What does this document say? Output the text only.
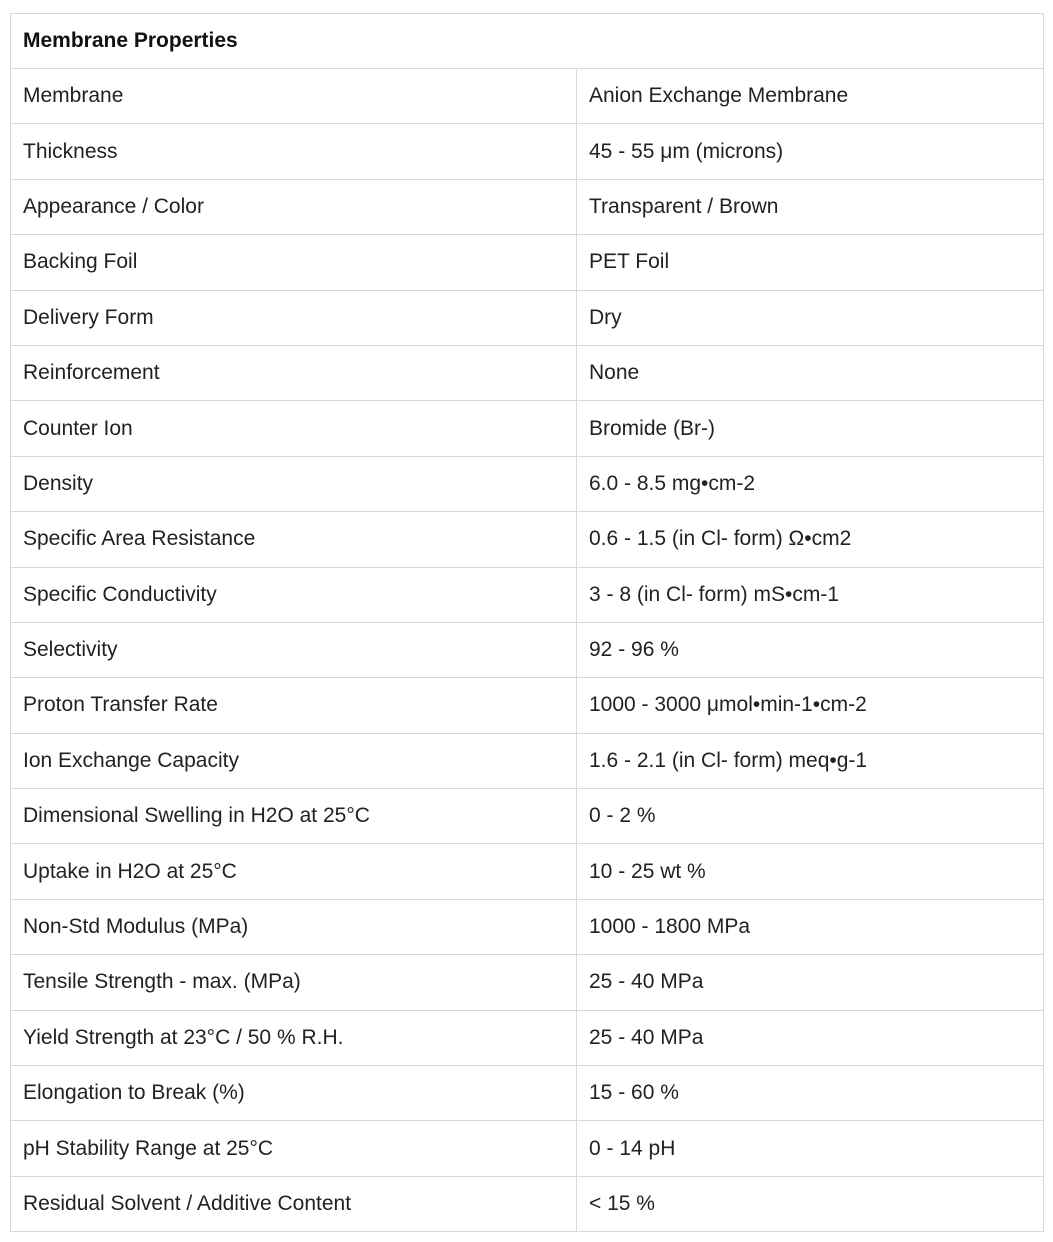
Membrane Properties	
Membrane	Anion Exchange Membrane
Thickness	45 - 55 μm (microns)
Appearance / Color	Transparent / Brown
Backing Foil	PET Foil
Delivery Form	Dry
Reinforcement	None
Counter Ion	Bromide (Br-)
Density	6.0 - 8.5 mg•cm-2
Specific Area Resistance	0.6 - 1.5 (in Cl- form) Ω•cm2
Specific Conductivity	3 - 8 (in Cl- form) mS•cm-1
Selectivity	92 - 96 %
Proton Transfer Rate	1000 - 3000 μmol•min-1•cm-2
Ion Exchange Capacity	1.6 - 2.1 (in Cl- form) meq•g-1
Dimensional Swelling in H2O at 25°C	0 - 2 %
Uptake in H2O at 25°C	10 - 25 wt %
Non-Std Modulus (MPa)	1000 - 1800 MPa
Tensile Strength - max. (MPa)	25 - 40 MPa
Yield Strength at 23°C / 50 % R.H.	25 - 40 MPa
Elongation to Break (%)	15 - 60 %
pH Stability Range at 25°C	0 - 14 pH
Residual Solvent / Additive Content	< 15 %
